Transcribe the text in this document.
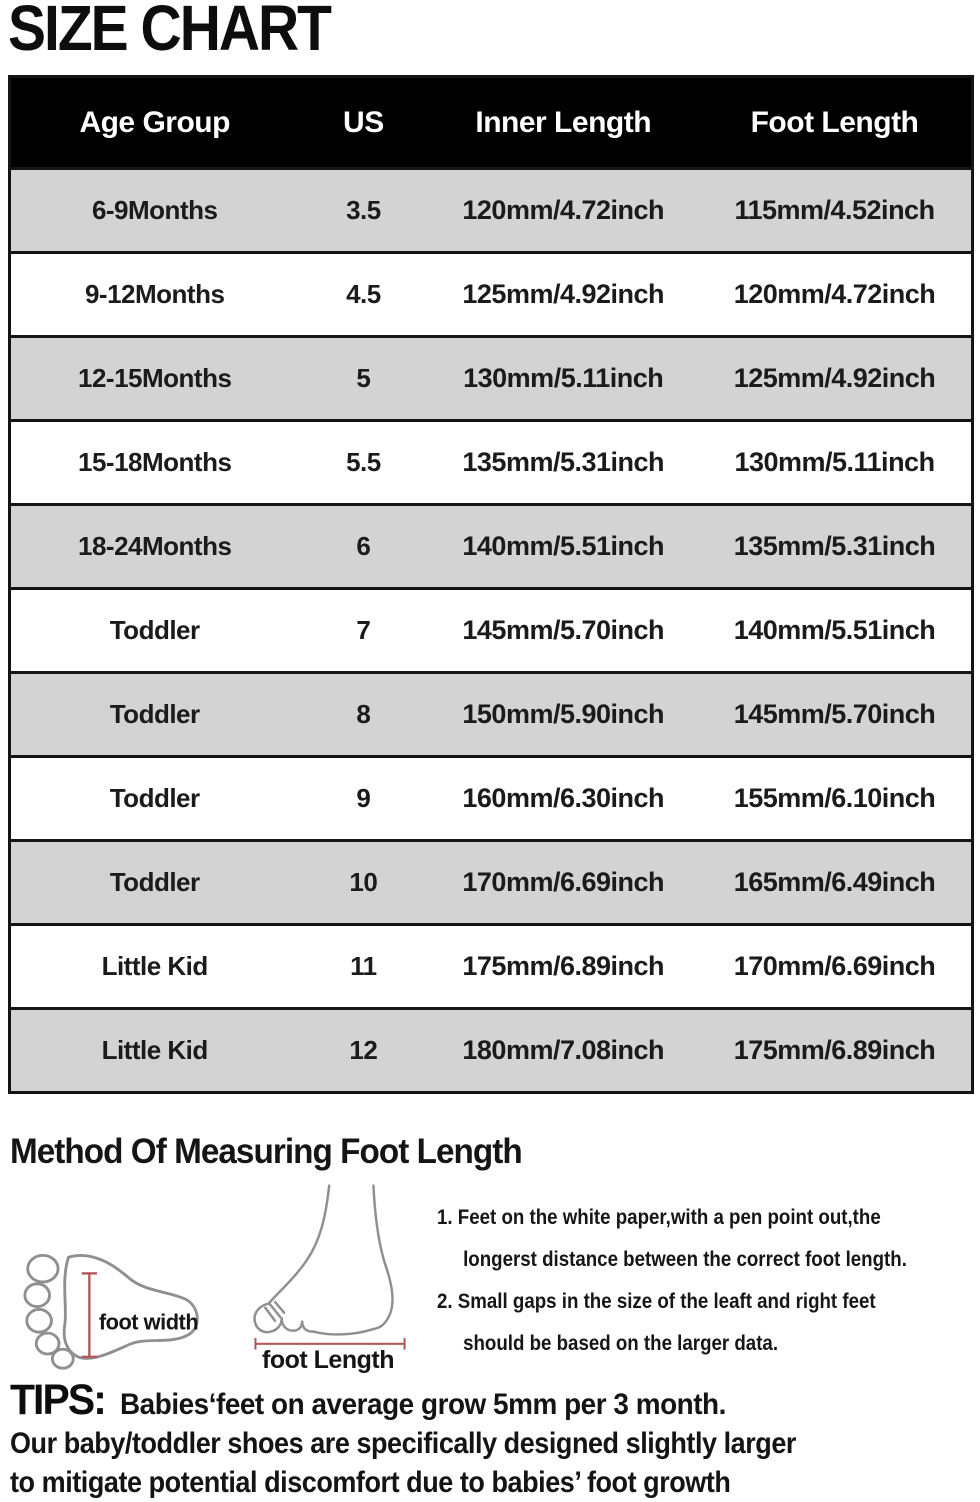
SIZE CHART
Age Group	US	Inner Length	Foot Length
6-9Months	3.5	120mm/4.72inch	115mm/4.52inch
9-12Months	4.5	125mm/4.92inch	120mm/4.72inch
12-15Months	5	130mm/5.11inch	125mm/4.92inch
15-18Months	5.5	135mm/5.31inch	130mm/5.11inch
18-24Months	6	140mm/5.51inch	135mm/5.31inch
Toddler	7	145mm/5.70inch	140mm/5.51inch
Toddler	8	150mm/5.90inch	145mm/5.70inch
Toddler	9	160mm/6.30inch	155mm/6.10inch
Toddler	10	170mm/6.69inch	165mm/6.49inch
Little Kid	11	175mm/6.89inch	170mm/6.69inch
Little Kid	12	180mm/7.08inch	175mm/6.89inch
Method Of Measuring Foot Length
foot width
foot Length
1. Feet on the white paper,with a pen point out,the
longerst distance between the correct foot length.
2. Small gaps in the size of the leaft and right feet
should be based on the larger data.
TIPS: Babies‘feet on average grow 5mm per 3 month.
Our baby/toddler shoes are specifically designed slightly larger
to mitigate potential discomfort due to babies’ foot growth
